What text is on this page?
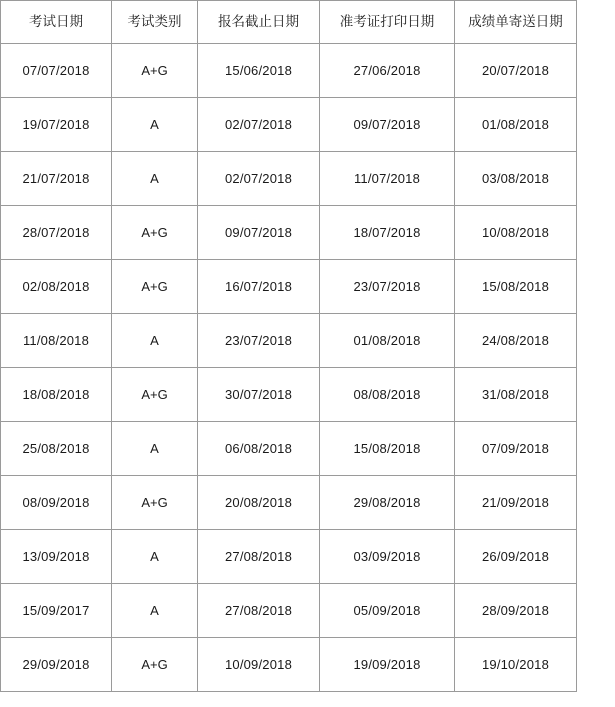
考试日期	考试类别	报名截止日期	准考证打印日期	成绩单寄送日期
07/07/2018	A+G	15/06/2018	27/06/2018	20/07/2018
19/07/2018	A	02/07/2018	09/07/2018	01/08/2018
21/07/2018	A	02/07/2018	11/07/2018	03/08/2018
28/07/2018	A+G	09/07/2018	18/07/2018	10/08/2018
02/08/2018	A+G	16/07/2018	23/07/2018	15/08/2018
11/08/2018	A	23/07/2018	01/08/2018	24/08/2018
18/08/2018	A+G	30/07/2018	08/08/2018	31/08/2018
25/08/2018	A	06/08/2018	15/08/2018	07/09/2018
08/09/2018	A+G	20/08/2018	29/08/2018	21/09/2018
13/09/2018	A	27/08/2018	03/09/2018	26/09/2018
15/09/2017	A	27/08/2018	05/09/2018	28/09/2018
29/09/2018	A+G	10/09/2018	19/09/2018	19/10/2018
